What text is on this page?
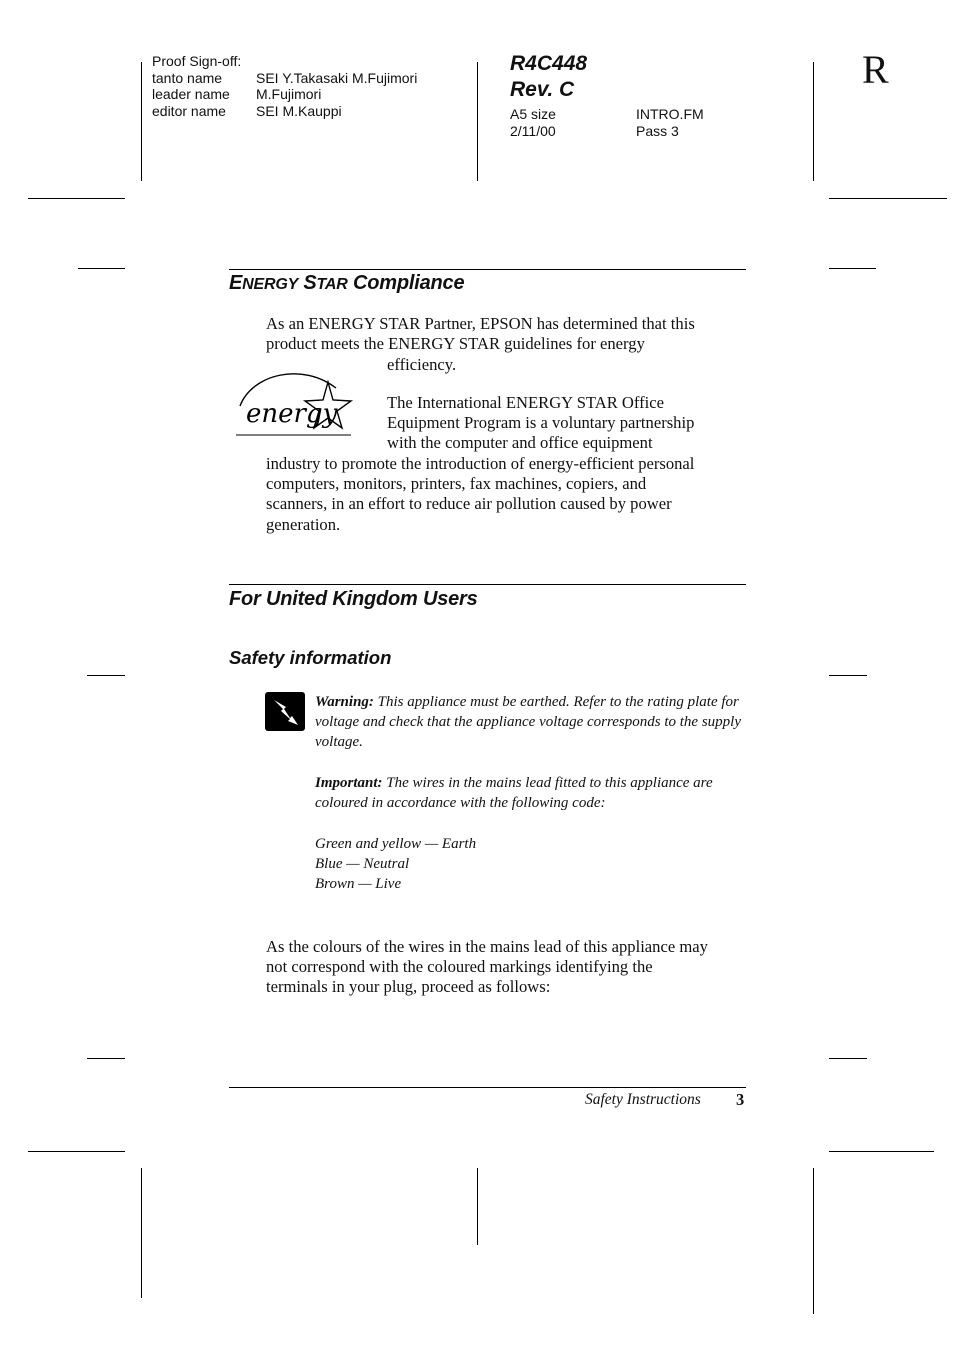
Proof Sign-off:
tanto name SEI Y.Takasaki M.Fujimori
leader name M.Fujimori
editor name SEI M.Kauppi
R4C448
Rev. C
A5 size	INTRO.FM
2/11/00	Pass 3
R
ENERGY STAR Compliance
As an ENERGY STAR Partner, EPSON has determined that this
product meets the ENERGY STAR guidelines for energy
efficiency.
energy	The International ENERGY STAR Office
Equipment Program is a voluntary partnership
with the computer and office equipment
industry to promote the introduction of energy-efficient personal
computers, monitors, printers, fax machines, copiers, and
scanners, in an effort to reduce air pollution caused by power
generation.
For United Kingdom Users
Safety information
Warning: This appliance must be earthed. Refer to the rating plate for voltage and check that the appliance voltage corresponds to the supply voltage.
Important: The wires in the mains lead fitted to this appliance are coloured in accordance with the following code:
Green and yellow — Earth
Blue — Neutral
Brown — Live
As the colours of the wires in the mains lead of this appliance may
not correspond with the coloured markings identifying the
terminals in your plug, proceed as follows:
Safety Instructions 3
